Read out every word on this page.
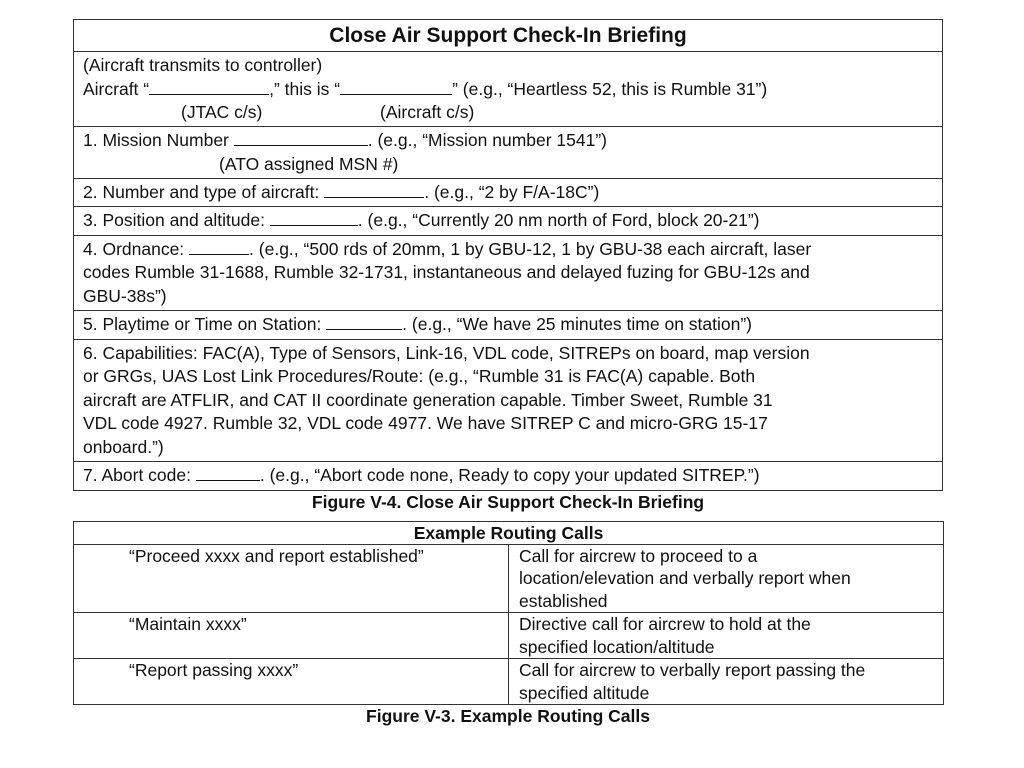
Close Air Support Check-In Briefing

(Aircraft transmits to controller)
Aircraft “	,” this is “	” (e.g., “Heartless 52, this is Rumble 31”)
(JTAC c/s)	(Aircraft c/s)

1. Mission Number	. (e.g., “Mission number 1541”)
(ATO assigned MSN #)

2. Number and type of aircraft:	. (e.g., “2 by F/A-18C”)

3. Position and altitude:	. (e.g., “Currently 20 nm north of Ford, block 20-21”)

4. Ordnance:	. (e.g., “500 rds of 20mm, 1 by GBU-12, 1 by GBU-38 each aircraft, laser
codes Rumble 31-1688, Rumble 32-1731, instantaneous and delayed fuzing for GBU-12s and
GBU-38s”)

5. Playtime or Time on Station:	. (e.g., “We have 25 minutes time on station”)

6. Capabilities: FAC(A), Type of Sensors, Link-16, VDL code, SITREPs on board, map version
or GRGs, UAS Lost Link Procedures/Route: (e.g., “Rumble 31 is FAC(A) capable. Both
aircraft are ATFLIR, and CAT II coordinate generation capable. Timber Sweet, Rumble 31
VDL code 4927. Rumble 32, VDL code 4977. We have SITREP C and micro-GRG 15-17
onboard.”)

7. Abort code:	. (e.g., “Abort code none, Ready to copy your updated SITREP.”)
Figure V-4. Close Air Support Check-In Briefing
Example Routing Calls	
“Proceed xxxx and report established”	Call for aircrew to proceed to a
location/elevation and verbally report when
established

“Maintain xxxx”	Directive call for aircrew to hold at the
specified location/altitude

“Report passing xxxx”	Call for aircrew to verbally report passing the
specified altitude
Figure V-3. Example Routing Calls
